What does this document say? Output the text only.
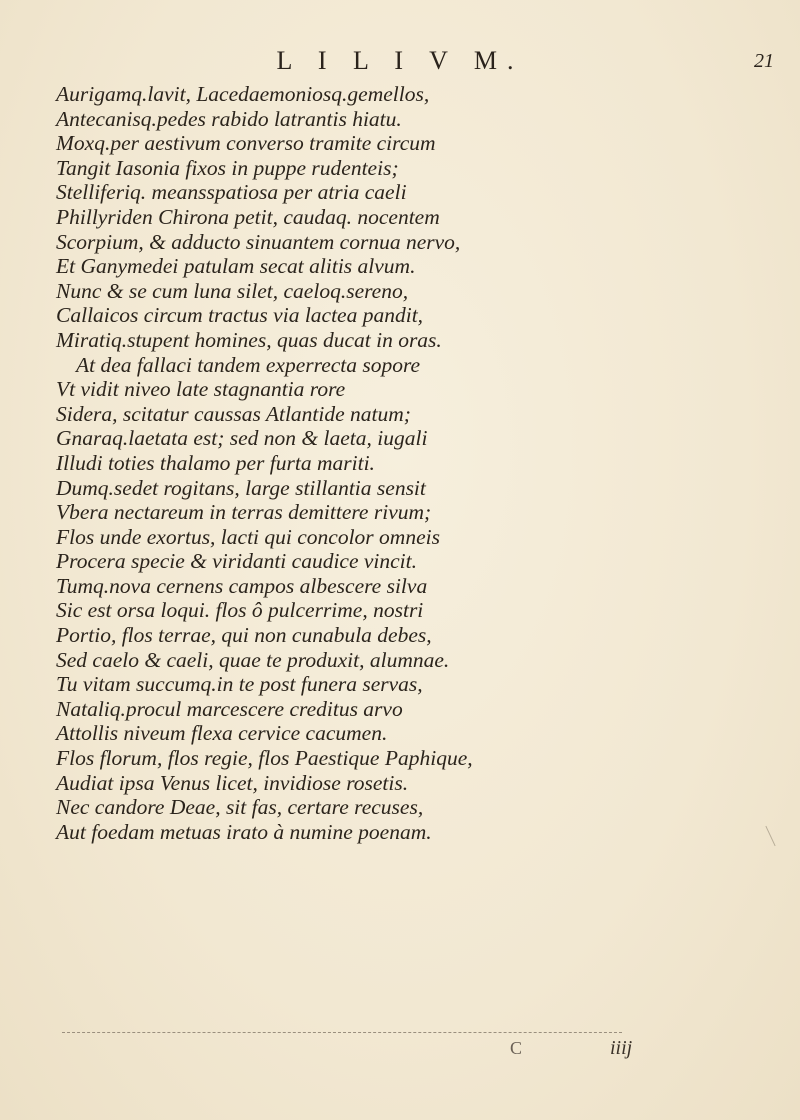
L I L I V M.	21
Aurigamq.lavit, Lacedaemoniosq.gemellos,
Antecanisq.pedes rabido latrantis hiatu.
Moxq.per aestivum converso tramite circum
Tangit Iasonia fixos in puppe rudenteis;
Stelliferiq. meansspatiosa per atria caeli
Phillyriden Chirona petit, caudaq. nocentem
Scorpium, & adducto sinuantem cornua nervo,
Et Ganymedei patulam secat alitis alvum.
Nunc & se cum luna silet, caeloq.sereno,
Callaicos circum tractus via lactea pandit,
Miratiq.stupent homines, quas ducat in oras.
At dea fallaci tandem experrecta sopore
Vt vidit niveo late stagnantia rore
Sidera, scitatur caussas Atlantide natum;
Gnaraq.laetata est; sed non & laeta, iugali
Illudi toties thalamo per furta mariti.
Dumq.sedet rogitans, large stillantia sensit
Vbera nectareum in terras demittere rivum;
Flos unde exortus, lacti qui concolor omneis
Procera specie & viridanti caudice vincit.
Tumq.nova cernens campos albescere silva
Sic est orsa loqui. flos ô pulcerrime, nostri
Portio, flos terrae, qui non cunabula debes,
Sed caelo & caeli, quae te produxit, alumnae.
Tu vitam succumq.in te post funera servas,
Nataliq.procul marcescere creditus arvo
Attollis niveum flexa cervice cacumen.
Flos florum, flos regie, flos Paestique Paphique,
Audiat ipsa Venus licet, invidiose rosetis.
Nec candore Deae, sit fas, certare recuses,
Aut foedam metuas irato à numine poenam.
C	iiij
